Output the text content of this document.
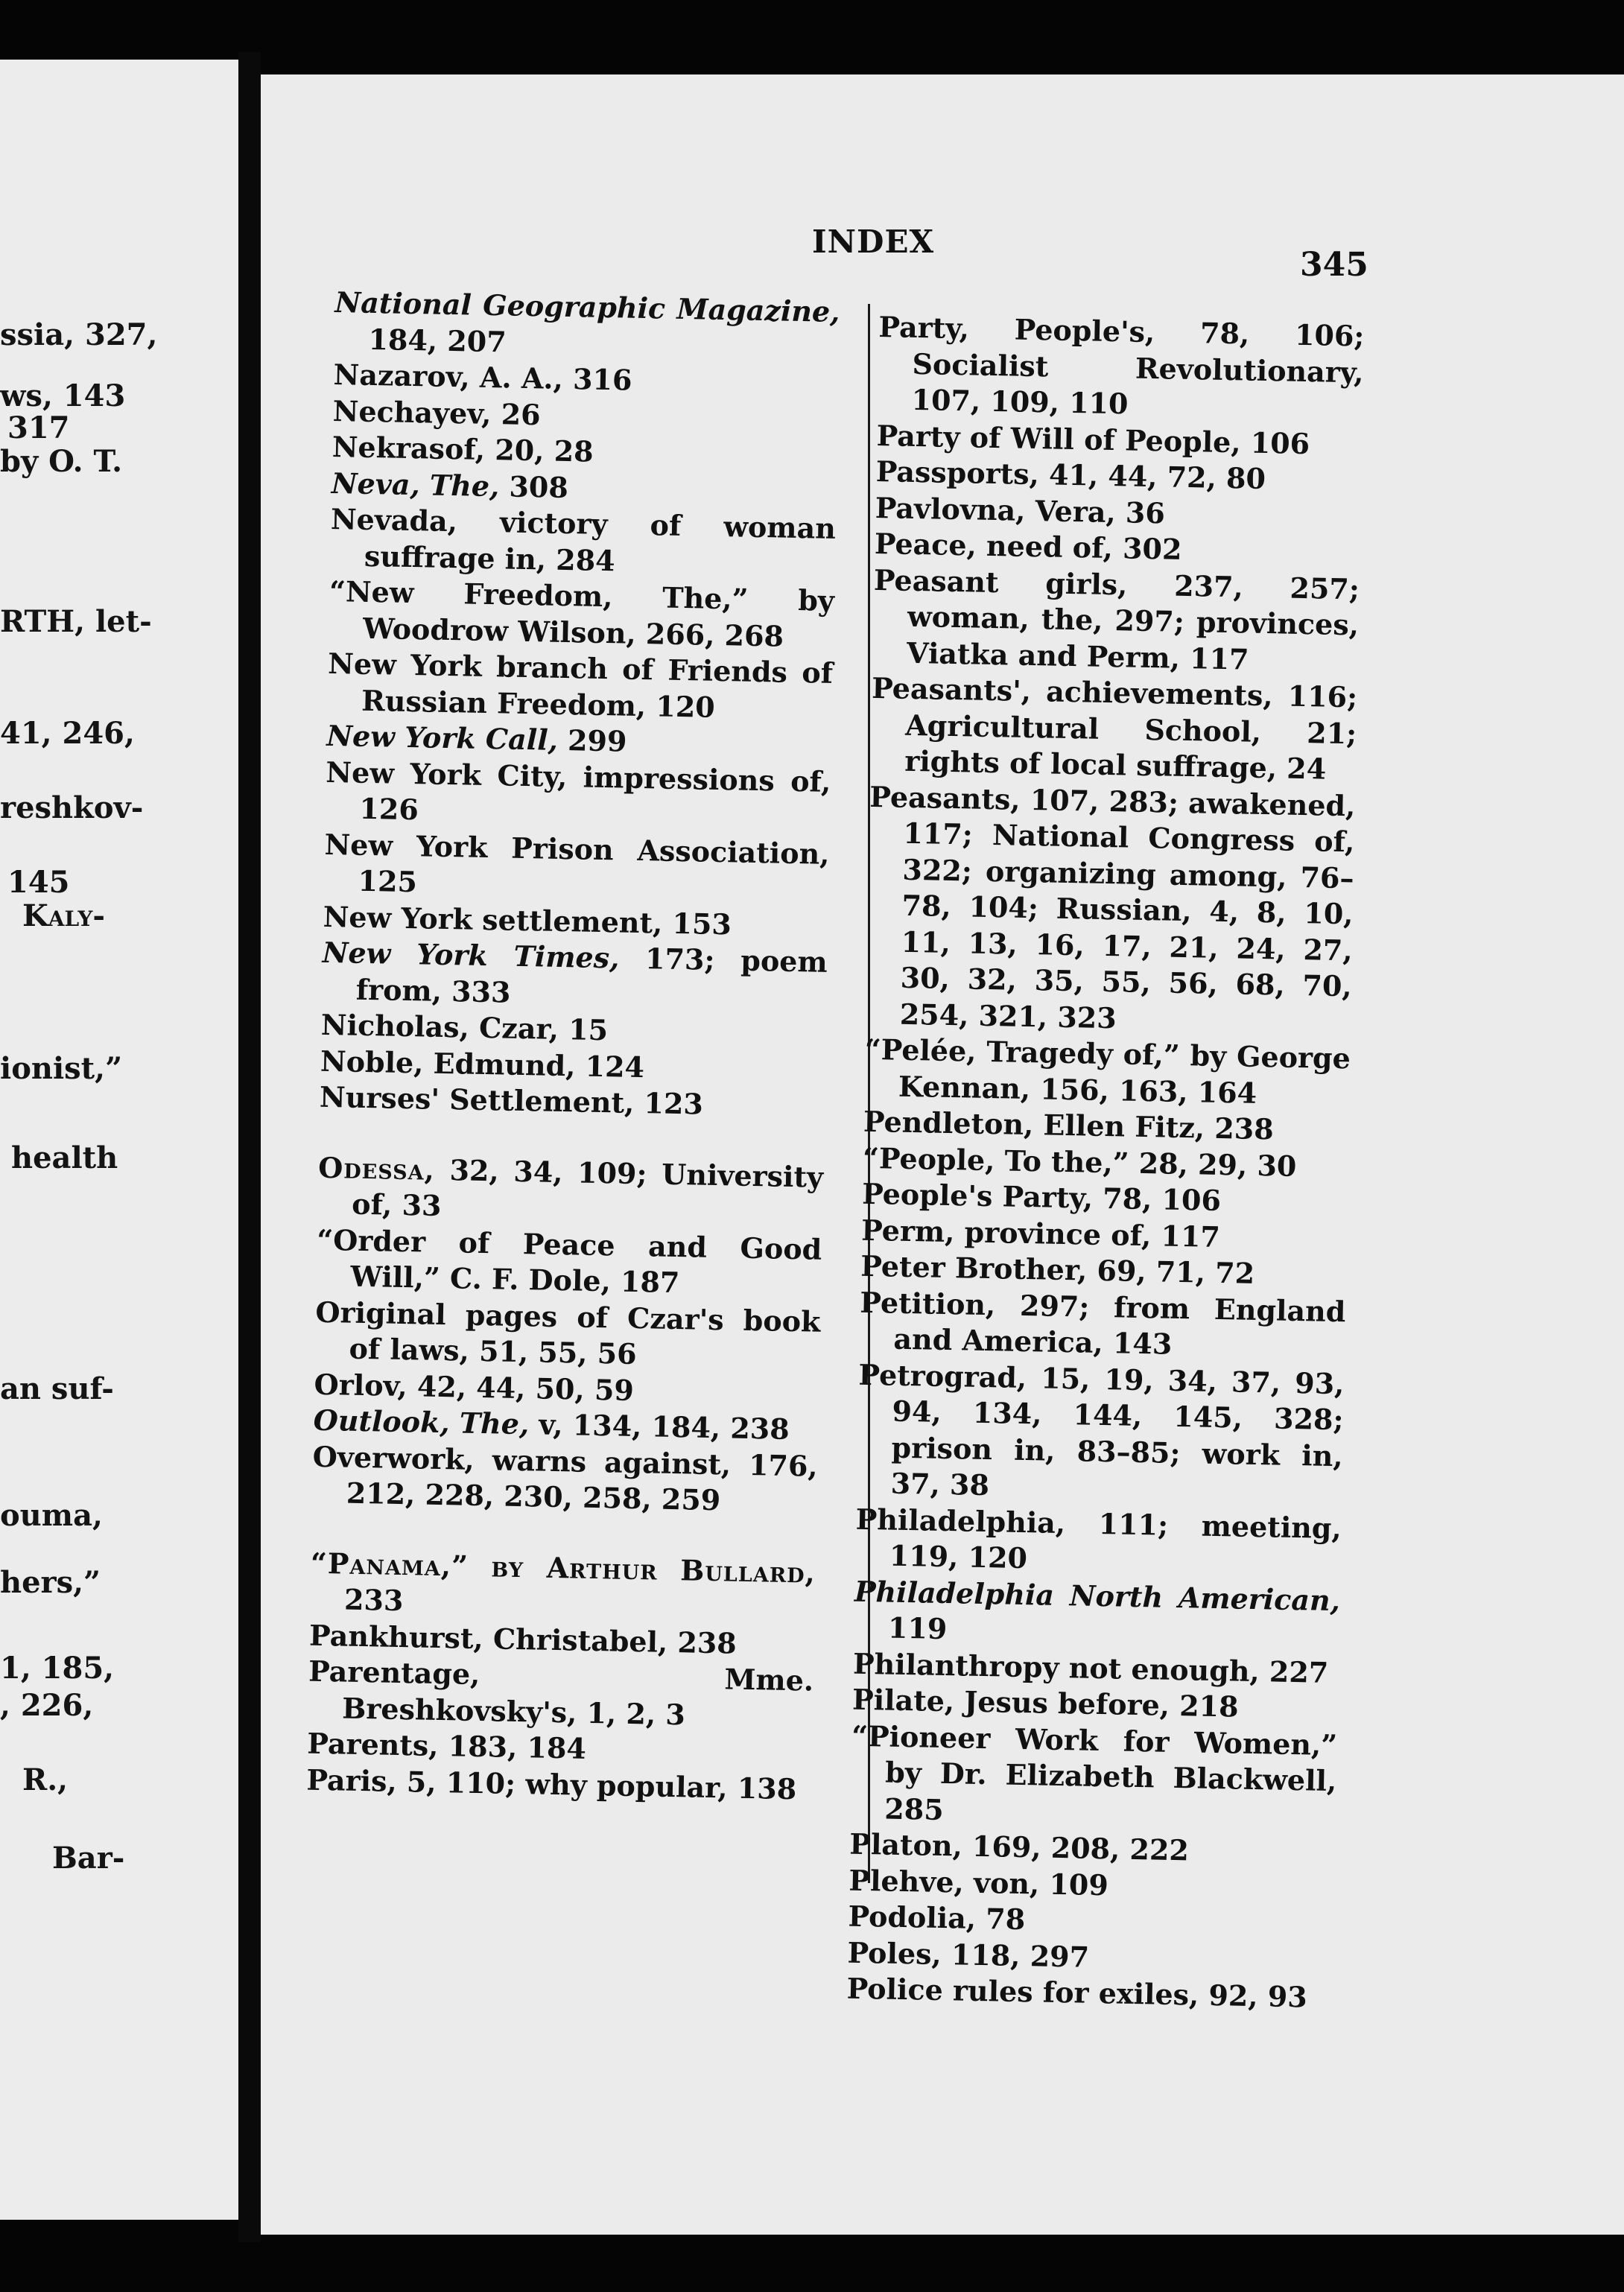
ssia, 327,
ws, 143
317
by O. T.
RTH, let-
41, 246,
reshkov-
145
Kaly-
ionist,”
health
an suf-
ouma,
hers,”
1, 185,
, 226,
R.,
Bar-
INDEX
345
National Geographic Magazine, 184, 207
Nazarov, A. A., 316
Nechayev, 26
Nekrasof, 20, 28
Neva, The, 308
Nevada, victory of woman suffrage in, 284
“New Freedom, The,” by Woodrow Wilson, 266, 268
New York branch of Friends of Russian Freedom, 120
New York Call, 299
New York City, impressions of, 126
New York Prison Association, 125
New York settlement, 153
New York Times, 173; poem from, 333
Nicholas, Czar, 15
Noble, Edmund, 124
Nurses' Settlement, 123
Odessa, 32, 34, 109; University of, 33
“Order of Peace and Good Will,” C. F. Dole, 187
Original pages of Czar's book of laws, 51, 55, 56
Orlov, 42, 44, 50, 59
Outlook, The, v, 134, 184, 238
Overwork, warns against, 176, 212, 228, 230, 258, 259
“Panama,” by Arthur Bullard, 233
Pankhurst, Christabel, 238
Parentage, Mme. Breshkovsky's, 1, 2, 3
Parents, 183, 184
Paris, 5, 110; why popular, 138
Party, People's, 78, 106; Socialist Revolutionary, 107, 109, 110
Party of Will of People, 106
Passports, 41, 44, 72, 80
Pavlovna, Vera, 36
Peace, need of, 302
Peasant girls, 237, 257; woman, the, 297; provinces, Viatka and Perm, 117
Peasants', achievements, 116; Agricultural School, 21; rights of local suffrage, 24
Peasants, 107, 283; awakened, 117; National Congress of, 322; organizing among, 76–78, 104; Russian, 4, 8, 10, 11, 13, 16, 17, 21, 24, 27, 30, 32, 35, 55, 56, 68, 70, 254, 321, 323
“Pelée, Tragedy of,” by George Kennan, 156, 163, 164
Pendleton, Ellen Fitz, 238
“People, To the,” 28, 29, 30
People's Party, 78, 106
Perm, province of, 117
Peter Brother, 69, 71, 72
Petition, 297; from England and America, 143
Petrograd, 15, 19, 34, 37, 93, 94, 134, 144, 145, 328; prison in, 83–85; work in, 37, 38
Philadelphia, 111; meeting, 119, 120
Philadelphia North American, 119
Philanthropy not enough, 227
Pilate, Jesus before, 218
“Pioneer Work for Women,” by Dr. Elizabeth Blackwell, 285
Platon, 169, 208, 222
Plehve, von, 109
Podolia, 78
Poles, 118, 297
Police rules for exiles, 92, 93
